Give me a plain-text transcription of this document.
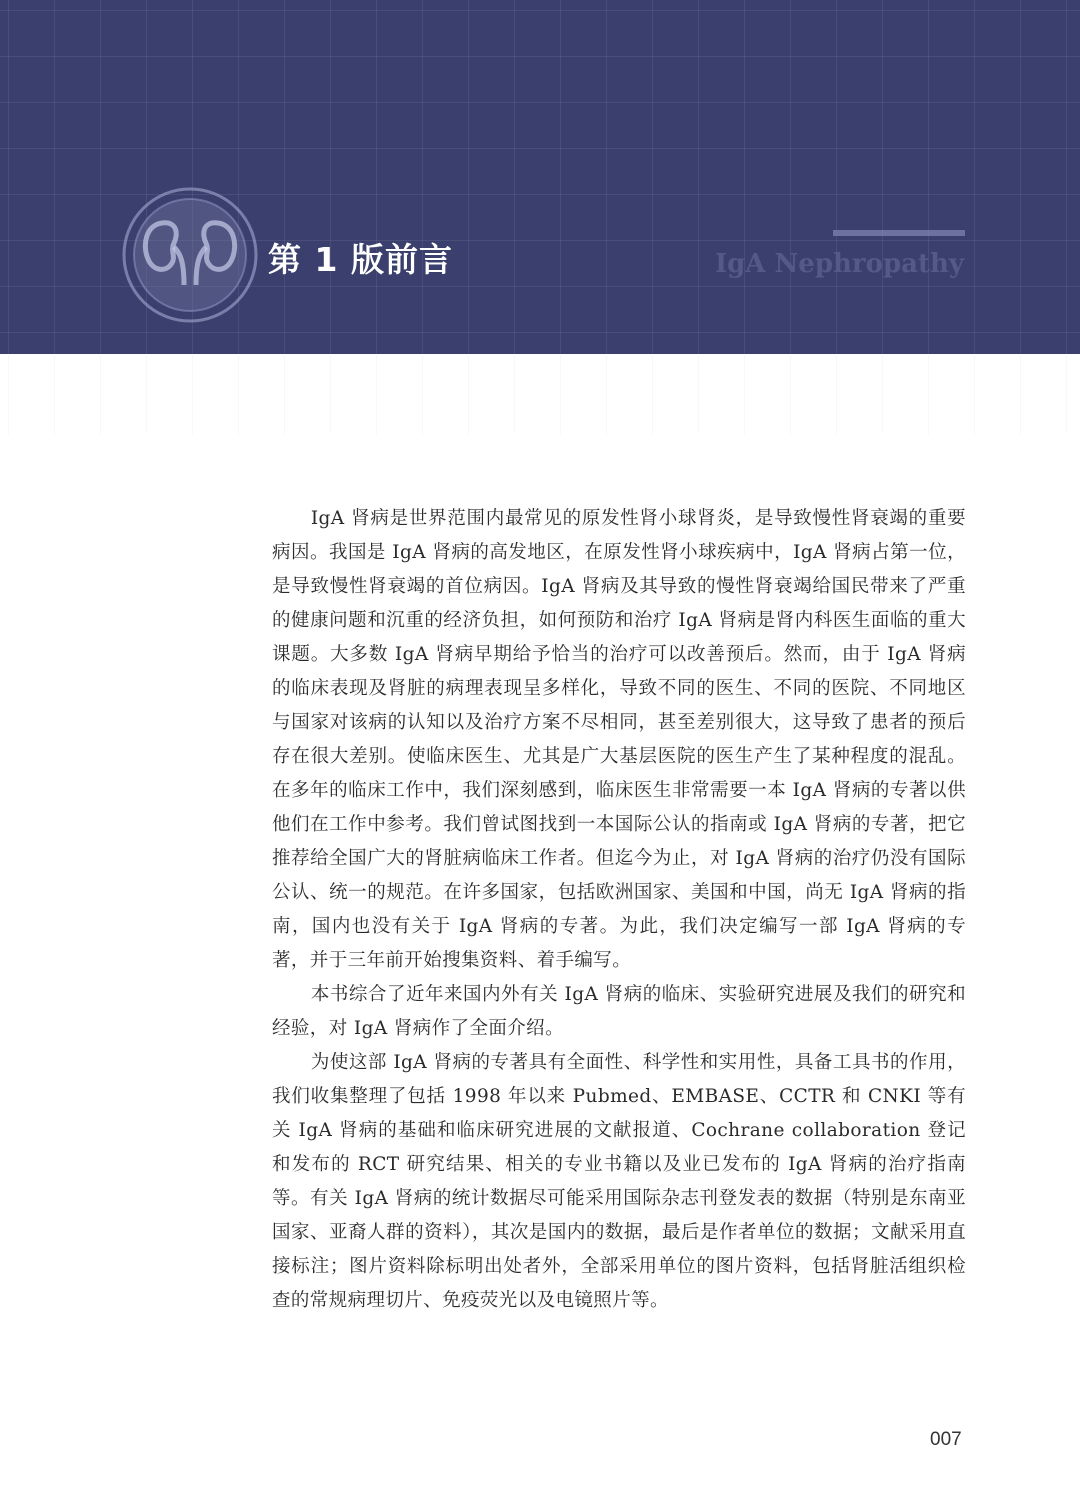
第 1 版前言	IgA Nephropathy

IgA 肾病是世界范围内最常见的原发性肾小球肾炎，是导致慢性肾衰竭的重要病因。我国是 IgA 肾病的高发地区，在原发性肾小球疾病中，IgA 肾病占第一位，是导致慢性肾衰竭的首位病因。IgA 肾病及其导致的慢性肾衰竭给国民带来了严重的健康问题和沉重的经济负担，如何预防和治疗 IgA 肾病是肾内科医生面临的重大课题。大多数 IgA 肾病早期给予恰当的治疗可以改善预后。然而，由于 IgA 肾病的临床表现及肾脏的病理表现呈多样化，导致不同的医生、不同的医院、不同地区与国家对该病的认知以及治疗方案不尽相同，甚至差别很大，这导致了患者的预后存在很大差别。使临床医生、尤其是广大基层医院的医生产生了某种程度的混乱。在多年的临床工作中，我们深刻感到，临床医生非常需要一本 IgA 肾病的专著以供他们在工作中参考。我们曾试图找到一本国际公认的指南或 IgA 肾病的专著，把它推荐给全国广大的肾脏病临床工作者。但迄今为止，对 IgA 肾病的治疗仍没有国际公认、统一的规范。在许多国家，包括欧洲国家、美国和中国，尚无 IgA 肾病的指南，国内也没有关于 IgA 肾病的专著。为此，我们决定编写一部 IgA 肾病的专著，并于三年前开始搜集资料、着手编写。

本书综合了近年来国内外有关 IgA 肾病的临床、实验研究进展及我们的研究和经验，对 IgA 肾病作了全面介绍。

为使这部 IgA 肾病的专著具有全面性、科学性和实用性，具备工具书的作用，我们收集整理了包括 1998 年以来 Pubmed、EMBASE、CCTR 和 CNKI 等有关 IgA 肾病的基础和临床研究进展的文献报道、Cochrane collaboration 登记和发布的 RCT 研究结果、相关的专业书籍以及业已发布的 IgA 肾病的治疗指南等。有关 IgA 肾病的统计数据尽可能采用国际杂志刊登发表的数据（特别是东南亚国家、亚裔人群的资料），其次是国内的数据，最后是作者单位的数据；文献采用直接标注；图片资料除标明出处者外，全部采用单位的图片资料，包括肾脏活组织检查的常规病理切片、免疫荧光以及电镜照片等。

007
